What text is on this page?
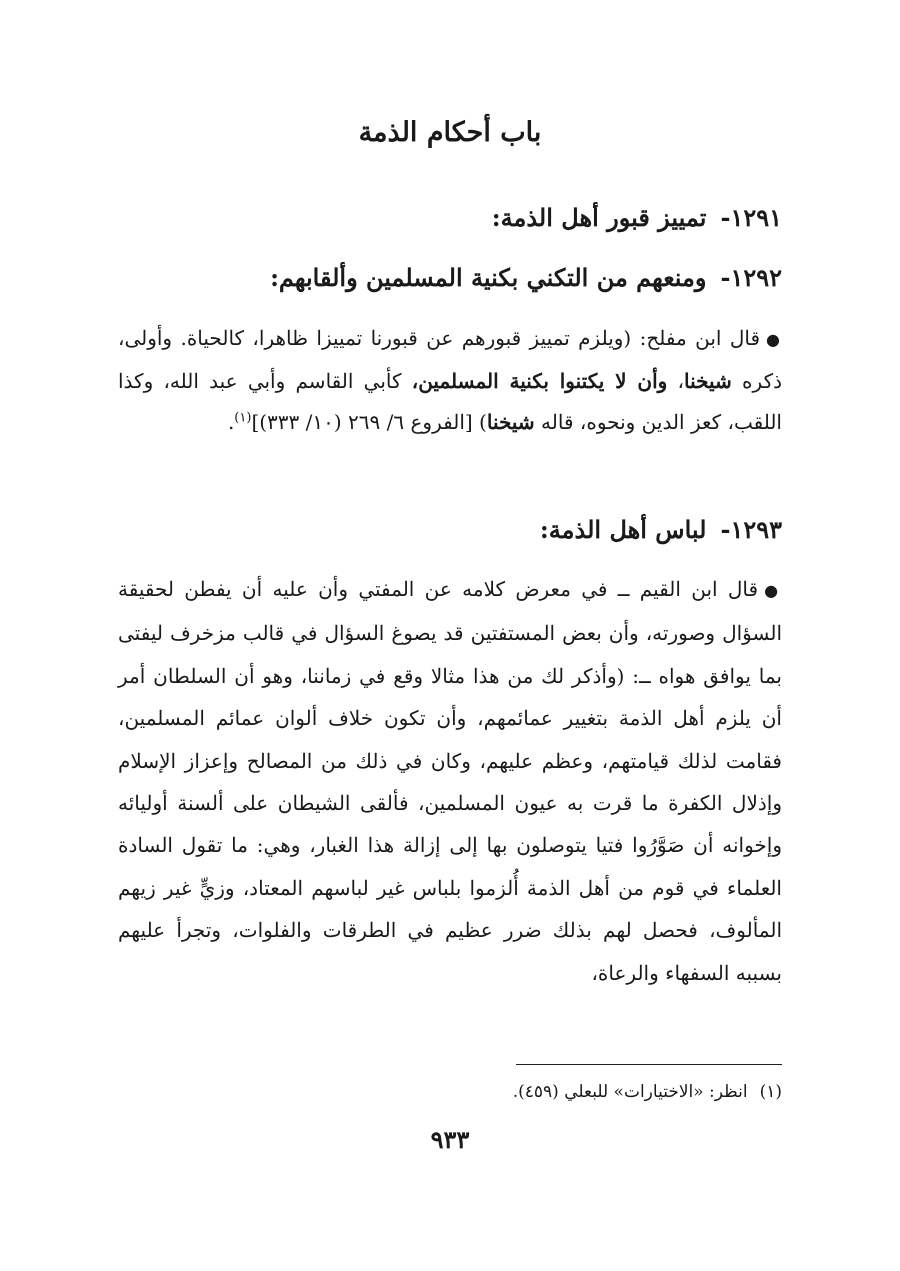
باب أحكام الذمة

١٢٩١-تمييز قبور أهل الذمة:

١٢٩٢-ومنعهم من التكني بكنية المسلمين وألقابهم:

●قال ابن مفلح: (ويلزم تمييز قبورهم عن قبورنا تمييزا ظاهرا، كالحياة. وأولى، ذكره شيخنا، وأن لا يكتنوا بكنية المسلمين، كأبي القاسم وأبي عبد الله، وكذا اللقب، كعز الدين ونحوه، قاله شيخنا) [الفروع ٦/ ٢٦٩ (١٠/ ٣٣٣)]$^{(١)}$.

١٢٩٣-لباس أهل الذمة:

●قال ابن القيم ــ في معرض كلامه عن المفتي وأن عليه أن يفطن لحقيقة السؤال وصورته، وأن بعض المستفتين قد يصوغ السؤال في قالب مزخرف ليفتى بما يوافق هواه ــ: (وأذكر لك من هذا مثالا وقع في زماننا، وهو أن السلطان أمر أن يلزم أهل الذمة بتغيير عمائمهم، وأن تكون خلاف ألوان عمائم المسلمين، فقامت لذلك قيامتهم، وعظم عليهم، وكان في ذلك من المصالح وإعزاز الإسلام وإذلال الكفرة ما قرت به عيون المسلمين، فألقى الشيطان على ألسنة أوليائه وإخوانه أن صَوَّرُوا فتيا يتوصلون بها إلى إزالة هذا الغبار، وهي: ما تقول السادة العلماء في قوم من أهل الذمة أُلزموا بلباس غير لباسهم المعتاد، وزيٍّ غير زيهم المألوف، فحصل لهم بذلك ضرر عظيم في الطرقات والفلوات، وتجرأ عليهم بسببه السفهاء والرعاة،

(١)انظر: «الاختيارات» للبعلي (٤٥٩).

٩٣٣
